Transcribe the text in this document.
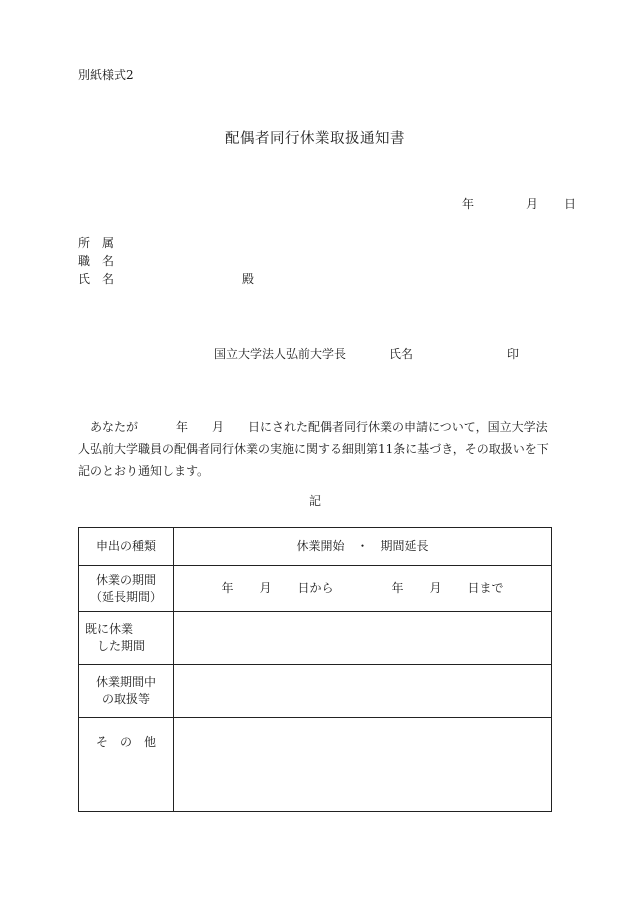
別紙様式2
配偶者同行休業取扱通知書
年	月 日
所　属
職　名
氏　名	殿
国立大学法人弘前大学長	氏名	印
あなたが	年 月 日にされた配偶者同行休業の申請について，国立大学法人弘前大学職員の配偶者同行休業の実施に関する細則第11条に基づき，その取扱いを下記のとおり通知します。
記
申出の種類	休業開始　・　期間延長

休業の期間
（延長期間）	年 月 日から 年 月 日まで

既に休業
した期間	

休業期間中
の取扱等	

そ　の　他	
